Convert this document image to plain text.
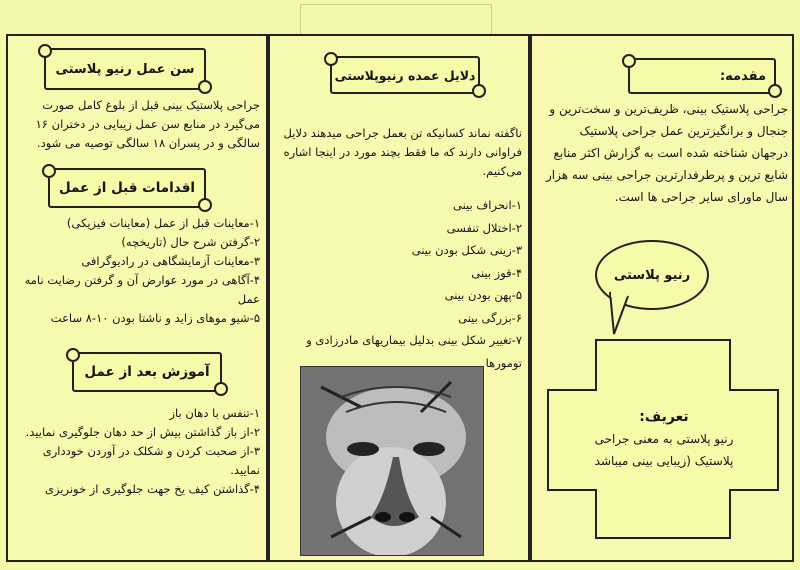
سن عمل رنیو پلاستی
جراحی پلاستیک بینی قبل از بلوغ کامل صورت
می‌گیرد در منابع سن عمل زیبایی در دختران ۱۶
سالگی و در پسران ۱۸ سالگی توصیه می شود.
اقدامات قبل از عمل
۱-معاینات قبل از عمل (معاینات فیزیکی)
۲-گرفتن شرح حال (تاریخچه)
۳-معاینات آزمایشگاهی در رادیوگرافی
۴-آگاهی در مورد عوارض آن و گرفتن رضایت نامه
عمل
۵-شیو موهای زاید و ناشتا بودن ۱۰-۸ ساعت
آموزش بعد از عمل
۱-تنفس با دهان باز
۲-از باز گذاشتن بیش از حد دهان جلوگیری نمایید.
۳-از صحبت کردن و شکلک در آوردن خودداری
نمایید.
۴-گذاشتن کیف یخ جهت جلوگیری از خونریزی
دلایل عمده رنیوپلاستی
ناگفته نماند کسانیکه تن بعمل جراحی میدهند دلایل
فراوانی دارند که ما فقط بچند مورد در اینجا اشاره
می‌کنیم.
۱-انحراف بینی
۲-اختلال تنفسی
۳-زینی شکل بودن بینی
۴-قوز بینی
۵-پهن بودن بینی
۶-بزرگی بینی
۷-تغییر شکل بینی بدلیل بیماریهای مادرزادی و
تومورها
مقدمه:
جراحی پلاستیک بینی، ظریف‌ترین و سخت‌ترین و
جنجال و برانگیزترین عمل جراحی پلاستیک
درجهان شناخته شده است به گزارش اکثر منابع
شایع ترین و پرطرفدارترین جراحی بینی سه هزار
سال ماورای سایر جراحی ها است.
رنیو پلاستی
تعریف:
رنیو پلاستی به معنی جراحی
پلاستیک (زیبایی بینی میباشد
